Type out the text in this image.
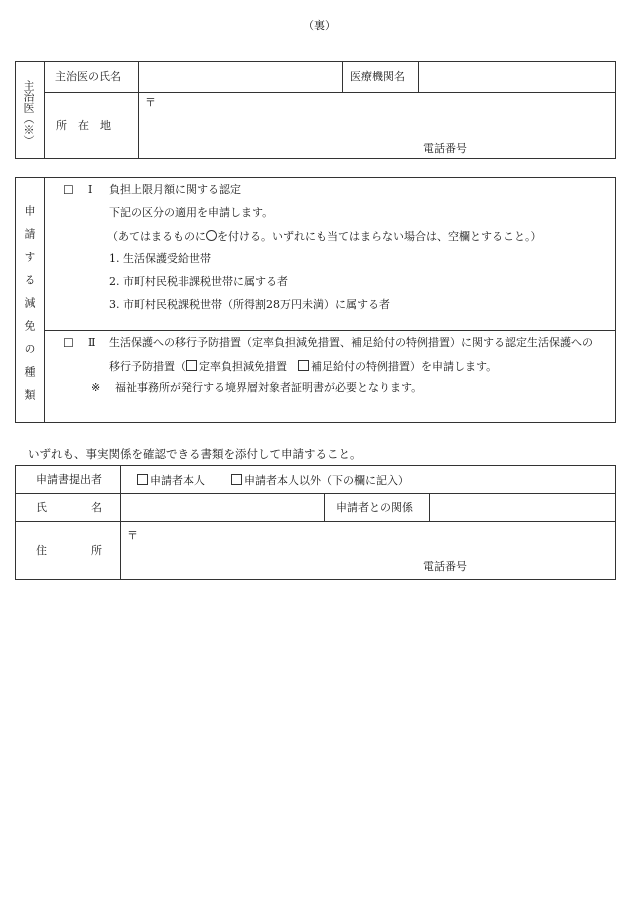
（裏）
主治医（※）
主治医の氏名	医療機関名
所　在　地
〒
電話番号
申請する減免の種類
☐ Ⅰ 負担上限月額に関する認定
下記の区分の適用を申請します。
（あてはまるものに○を付ける。いずれにも当てはまらない場合は、空欄とすること。）
1. 生活保護受給世帯
2. 市町村民税非課税世帯に属する者
3. 市町村民税課税世帯（所得割28万円未満）に属する者
☐ Ⅱ 生活保護への移行予防措置（定率負担減免措置、補足給付の特例措置）に関する認定生活保護への
移行予防措置（ 定率負担減免措置　補足給付の特例措置）を申請します。
※ 福祉事務所が発行する境界層対象者証明書が必要となります。
いずれも、事実関係を確認できる書類を添付して申請すること。
申請書提出者	申請者本人	申請者本人以外（下の欄に記入）
氏　　　　名	申請者との関係
住　　　　所
〒
電話番号
